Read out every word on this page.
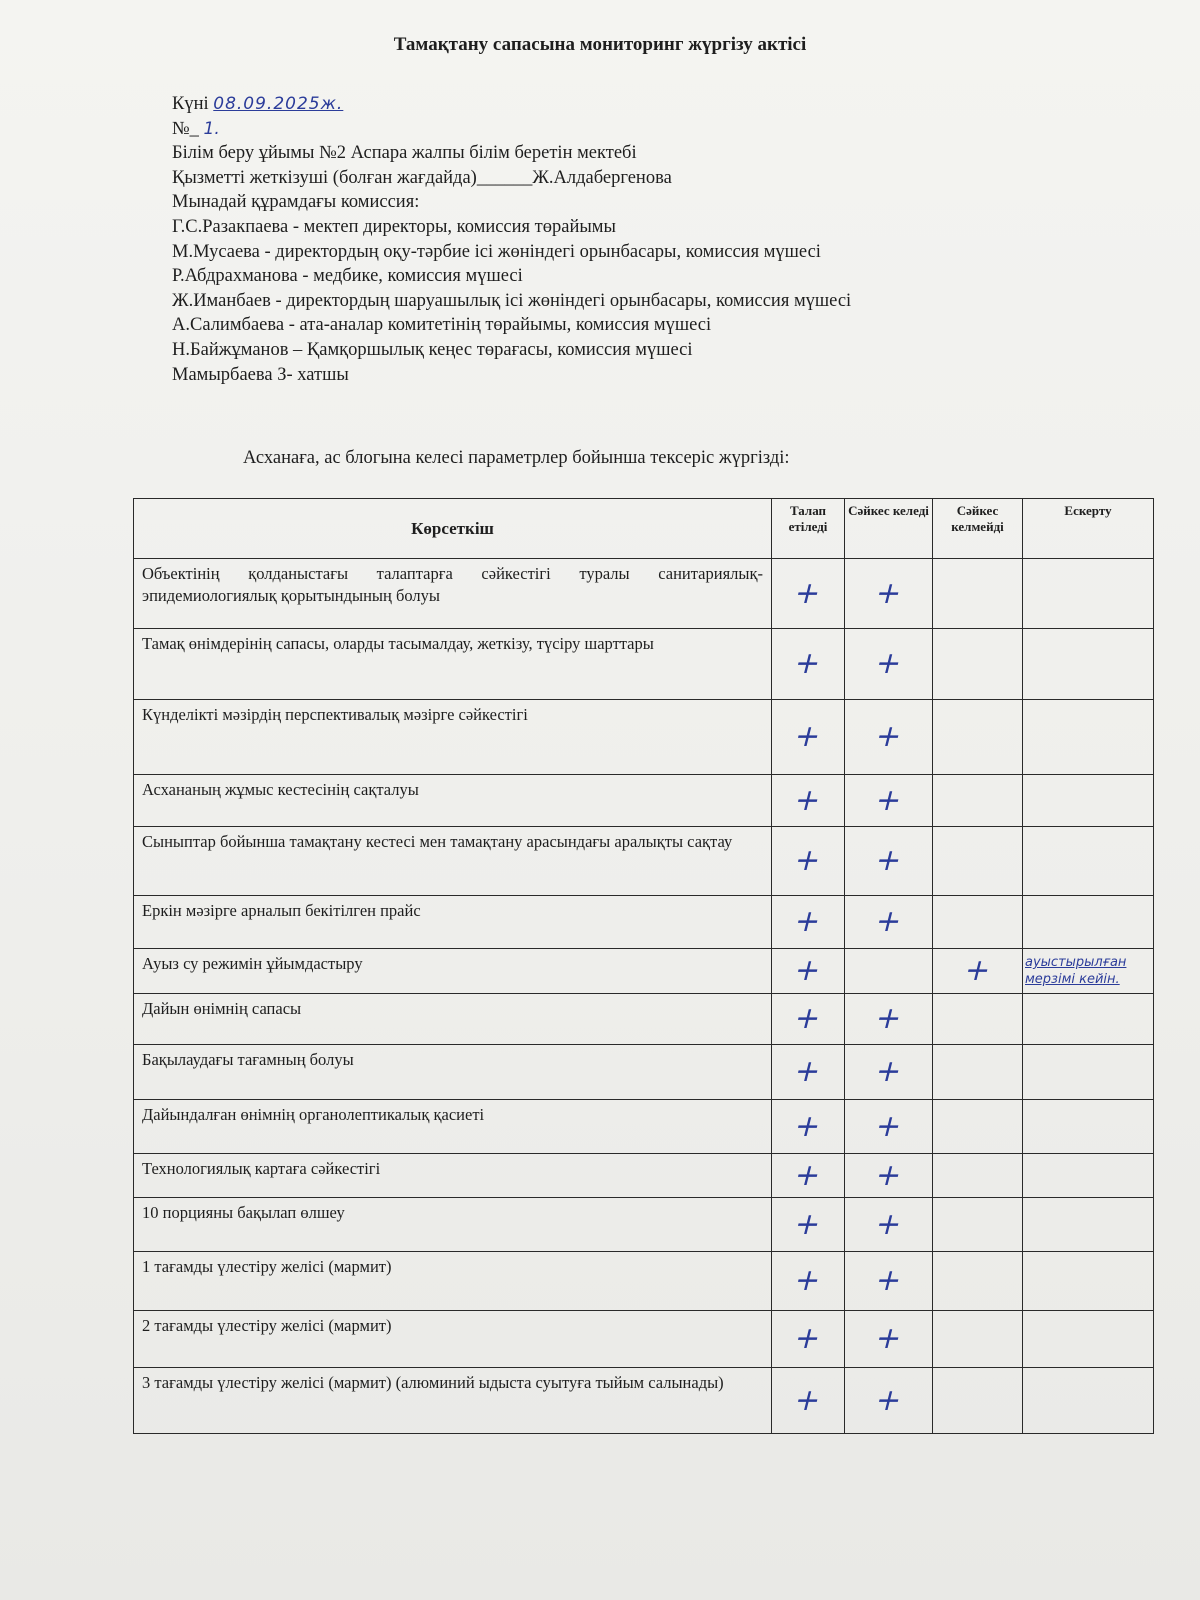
Тамақтану сапасына мониторинг жүргізу актісі
Күні 08.09.2025ж.
№_ 1.
Білім беру ұйымы №2 Аспара жалпы білім беретін мектебі
Қызметті жеткізуші (болған жағдайда)______Ж.Алдабергенова
Мынадай құрамдағы комиссия:
Г.С.Разакпаева - мектеп директоры, комиссия төрайымы
М.Мусаева - директордың оқу-тәрбие ісі жөніндегі орынбасары, комиссия мүшесі
Р.Абдрахманова - медбике, комиссия мүшесі
Ж.Иманбаев - директордың шаруашылық ісі жөніндегі орынбасары, комиссия мүшесі
А.Салимбаева - ата-аналар комитетінің төрайымы, комиссия мүшесі
Н.Байжұманов – Қамқоршылық кеңес төрағасы, комиссия мүшесі
Мамырбаева З- хатшы
Асханаға, ас блогына келесі параметрлер бойынша тексеріс жүргізді:
Көрсеткіш	Талап етіледі	Сәйкес келеді	Сәйкес келмейді	Ескерту
Объектінің қолданыстағы талаптарға сәйкестігі туралы санитариялық-эпидемиологиялық қорытындының болуы	+	+		
Тамақ өнімдерінің сапасы, оларды тасымалдау, жеткізу, түсіру шарттары	+	+		
Күнделікті мәзірдің перспективалық мәзірге сәйкестігі	+	+		
Асхананың жұмыс кестесінің сақталуы	+	+		
Сыныптар бойынша тамақтану кестесі мен тамақтану арасындағы аралықты сақтау	+	+		
Еркін мәзірге арналып бекітілген прайс	+	+		
Ауыз су режимін ұйымдастыру	+		+	ауыстырылған
мерзімі кейін.

Дайын өнімнің сапасы	+	+		
Бақылаудағы тағамның болуы	+	+		
Дайындалған өнімнің органолептикалық қасиеті	+	+		
Технологиялық картаға сәйкестігі	+	+		
10 порцияны бақылап өлшеу	+	+		
1 тағамды үлестіру желісі (мармит)	+	+		
2 тағамды үлестіру желісі (мармит)	+	+		
3 тағамды үлестіру желісі (мармит) (алюминий ыдыста суытуға тыйым салынады)	+	+		
